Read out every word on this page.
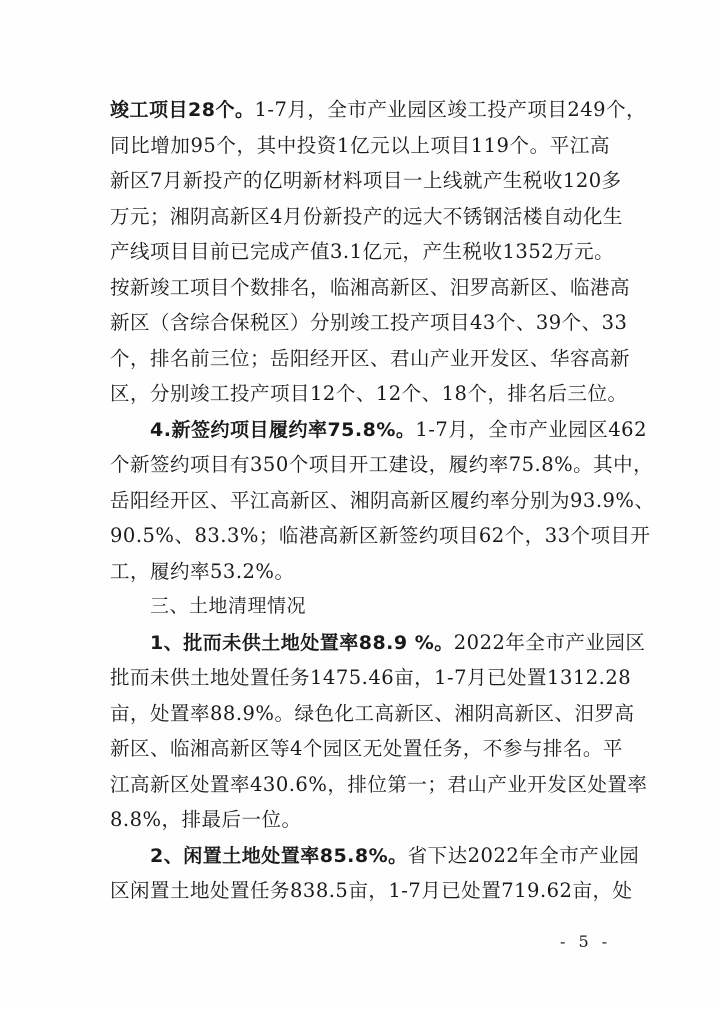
竣工项目28个。1-7月，全市产业园区竣工投产项目249个，
同比增加95个，其中投资1亿元以上项目119个。平江高
新区7月新投产的亿明新材料项目一上线就产生税收120多
万元；湘阴高新区4月份新投产的远大不锈钢活楼自动化生
产线项目目前已完成产值3.1亿元，产生税收1352万元。
按新竣工项目个数排名，临湘高新区、汨罗高新区、临港高
新区（含综合保税区）分别竣工投产项目43个、39个、33
个，排名前三位；岳阳经开区、君山产业开发区、华容高新
区，分别竣工投产项目12个、12个、18个，排名后三位。
4.新签约项目履约率75.8%。1-7月，全市产业园区462
个新签约项目有350个项目开工建设，履约率75.8%。其中，
岳阳经开区、平江高新区、湘阴高新区履约率分别为93.9%、
90.5%、83.3%；临港高新区新签约项目62个，33个项目开
工，履约率53.2%。
三、土地清理情况
1、批而未供土地处置率88.9 %。2022年全市产业园区
批而未供土地处置任务1475.46亩，1-7月已处置1312.28
亩，处置率88.9%。绿色化工高新区、湘阴高新区、汨罗高
新区、临湘高新区等4个园区无处置任务，不参与排名。平
江高新区处置率430.6%，排位第一；君山产业开发区处置率
8.8%，排最后一位。
2、闲置土地处置率85.8%。省下达2022年全市产业园
区闲置土地处置任务838.5亩，1-7月已处置719.62亩，处
- 5 -
